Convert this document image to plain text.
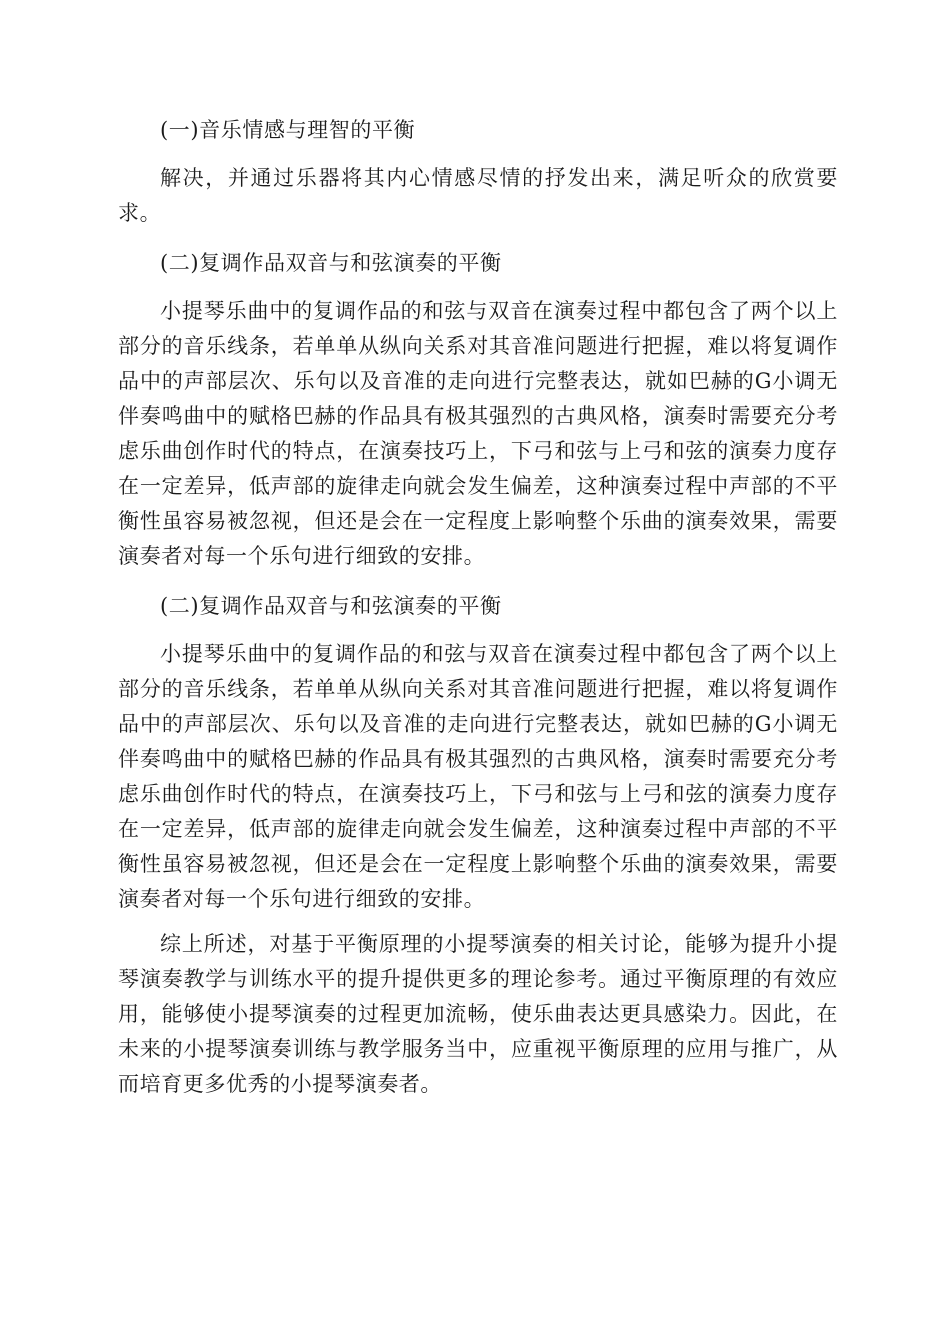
(一)音乐情感与理智的平衡

解决，并通过乐器将其内心情感尽情的抒发出来，满足听众的欣赏要求。

(二)复调作品双音与和弦演奏的平衡

小提琴乐曲中的复调作品的和弦与双音在演奏过程中都包含了两个以上部分的音乐线条，若单单从纵向关系对其音准问题进行把握，难以将复调作品中的声部层次、乐句以及音准的走向进行完整表达，就如巴赫的G小调无伴奏鸣曲中的赋格巴赫的作品具有极其强烈的古典风格，演奏时需要充分考虑乐曲创作时代的特点，在演奏技巧上，下弓和弦与上弓和弦的演奏力度存在一定差异，低声部的旋律走向就会发生偏差，这种演奏过程中声部的不平衡性虽容易被忽视，但还是会在一定程度上影响整个乐曲的演奏效果，需要演奏者对每一个乐句进行细致的安排。

(二)复调作品双音与和弦演奏的平衡

小提琴乐曲中的复调作品的和弦与双音在演奏过程中都包含了两个以上部分的音乐线条，若单单从纵向关系对其音准问题进行把握，难以将复调作品中的声部层次、乐句以及音准的走向进行完整表达，就如巴赫的G小调无伴奏鸣曲中的赋格巴赫的作品具有极其强烈的古典风格，演奏时需要充分考虑乐曲创作时代的特点，在演奏技巧上，下弓和弦与上弓和弦的演奏力度存在一定差异，低声部的旋律走向就会发生偏差，这种演奏过程中声部的不平衡性虽容易被忽视，但还是会在一定程度上影响整个乐曲的演奏效果，需要演奏者对每一个乐句进行细致的安排。

综上所述，对基于平衡原理的小提琴演奏的相关讨论，能够为提升小提琴演奏教学与训练水平的提升提供更多的理论参考。通过平衡原理的有效应用，能够使小提琴演奏的过程更加流畅，使乐曲表达更具感染力。因此，在未来的小提琴演奏训练与教学服务当中，应重视平衡原理的应用与推广，从而培育更多优秀的小提琴演奏者。
